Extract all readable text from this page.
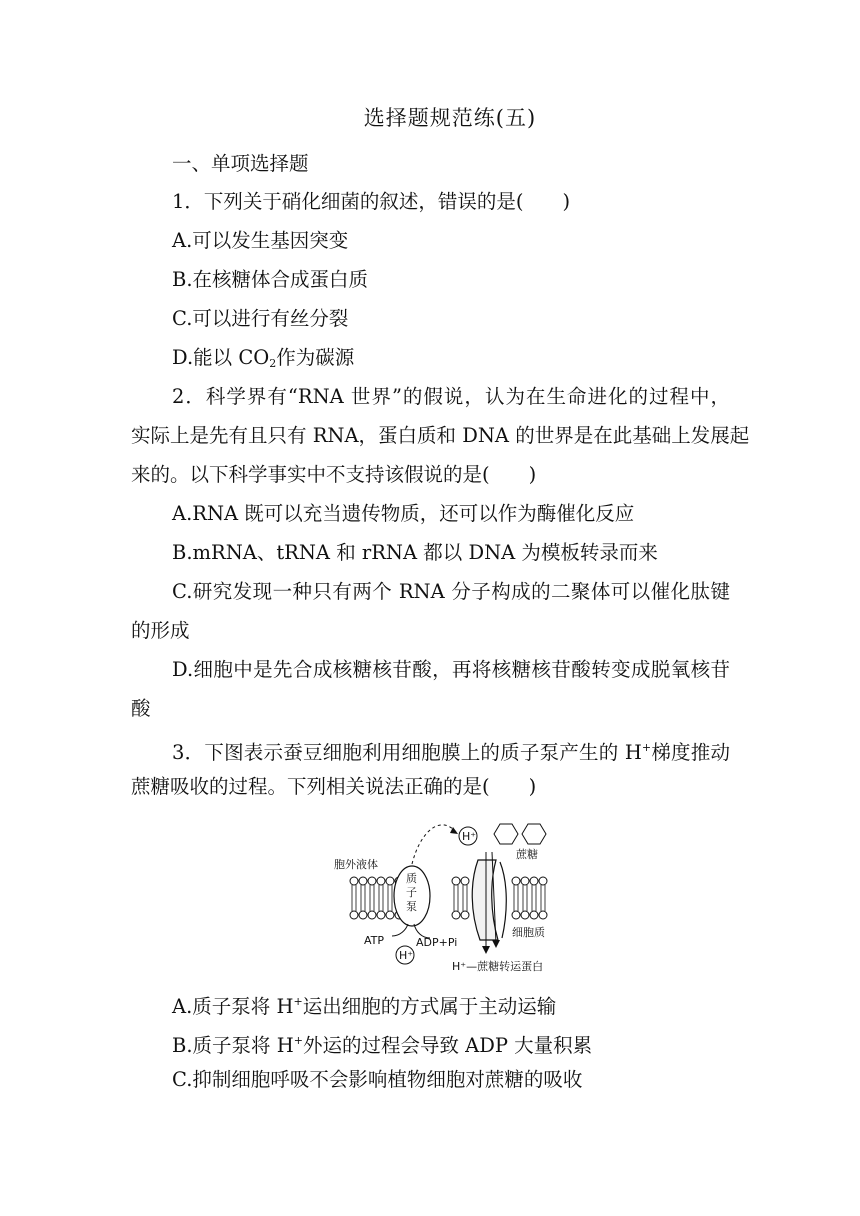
选择题规范练(五)
一、单项选择题
1．下列关于硝化细菌的叙述，错误的是(　　)
A.可以发生基因突变
B.在核糖体合成蛋白质
C.可以进行有丝分裂
D.能以 $CO_2$作为碳源
2．科学界有“RNA 世界”的假说，认为在生命进化的过程中，
实际上是先有且只有 RNA，蛋白质和 DNA 的世界是在此基础上发展起
来的。以下科学事实中不支持该假说的是(　　)
A.RNA 既可以充当遗传物质，还可以作为酶催化反应
B.mRNA、tRNA 和 rRNA 都以 DNA 为模板转录而来
C.研究发现一种只有两个 RNA 分子构成的二聚体可以催化肽键
的形成
D.细胞中是先合成核糖核苷酸，再将核糖核苷酸转变成脱氧核苷
酸
3．下图表示蚕豆细胞利用细胞膜上的质子泵产生的 H+梯度推动
蔗糖吸收的过程。下列相关说法正确的是(　　)
H⁺
H⁺
胞外液体
质
子
泵
ATP	ADP+Pi
蔗糖
细胞质
H⁺—蔗糖转运蛋白
A.质子泵将 H+运出细胞的方式属于主动运输
B.质子泵将 H+外运的过程会导致 ADP 大量积累
C.抑制细胞呼吸不会影响植物细胞对蔗糖的吸收
